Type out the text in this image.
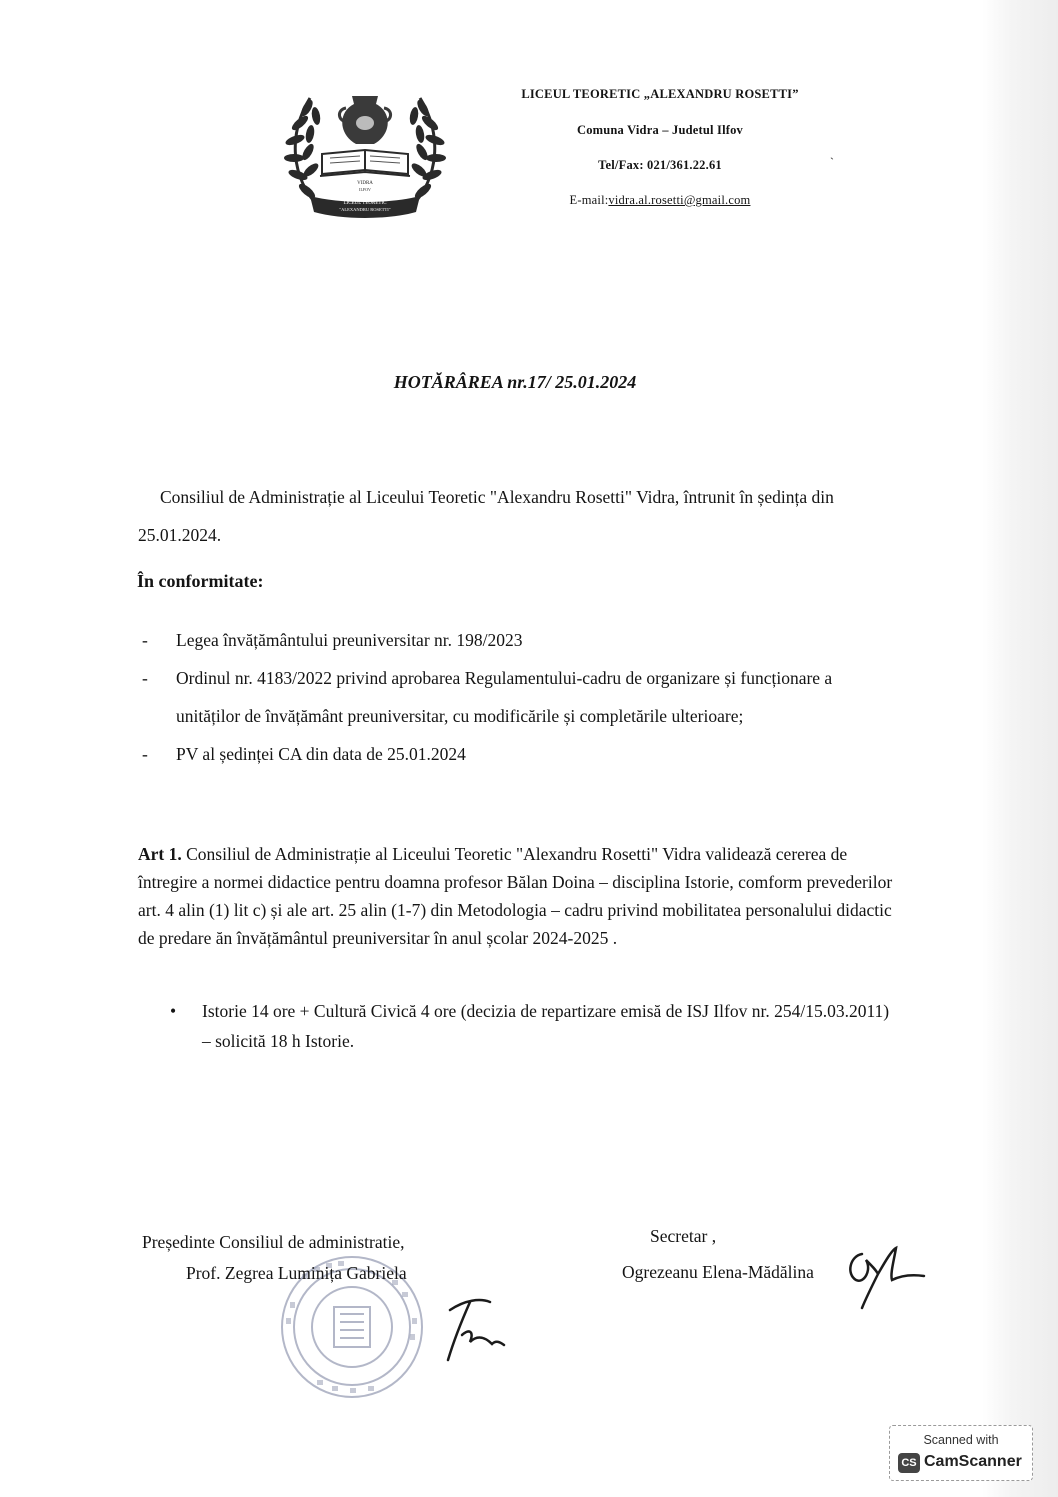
VIDRA
ILFOV
LICEUL TEORETIC
"ALEXANDRU ROSETTI"
LICEUL TEORETIC „ALEXANDRU ROSETTI”
Comuna Vidra – Judetul Ilfov
Tel/Fax: 021/361.22.61
E-mail:vidra.al.rosetti@gmail.com
ˋ
HOTĂRÂREA nr.17/ 25.01.2024
Consiliul de Administrație al Liceului Teoretic "Alexandru Rosetti" Vidra, întrunit în ședința din 25.01.2024.
În conformitate:
- Legea învățământului preuniversitar nr. 198/2023
- Ordinul nr. 4183/2022 privind aprobarea Regulamentului-cadru de organizare și funcționare a unităților de învățământ preuniversitar, cu modificările și completările ulterioare;
- PV al ședinței CA din data de 25.01.2024
Art 1. Consiliul de Administrație al Liceului Teoretic "Alexandru Rosetti" Vidra validează cererea de întregire a normei didactice pentru doamna profesor Bălan Doina – disciplina Istorie, comform prevederilor art. 4 alin (1) lit c) și ale art. 25 alin (1-7) din Metodologia – cadru privind mobilitatea personalului didactic de predare ăn învățământul preuniversitar în anul școlar 2024-2025 .
•	Istorie 14 ore + Cultură Civică 4 ore (decizia de repartizare emisă de ISJ Ilfov nr. 254/15.03.2011) – solicită 18 h Istorie.
Președinte Consiliul de administratie,
Prof. Zegrea Luminița Gabriela
Secretar ,
Ogrezeanu Elena-Mădălina
Scanned with
CS CamScanner
